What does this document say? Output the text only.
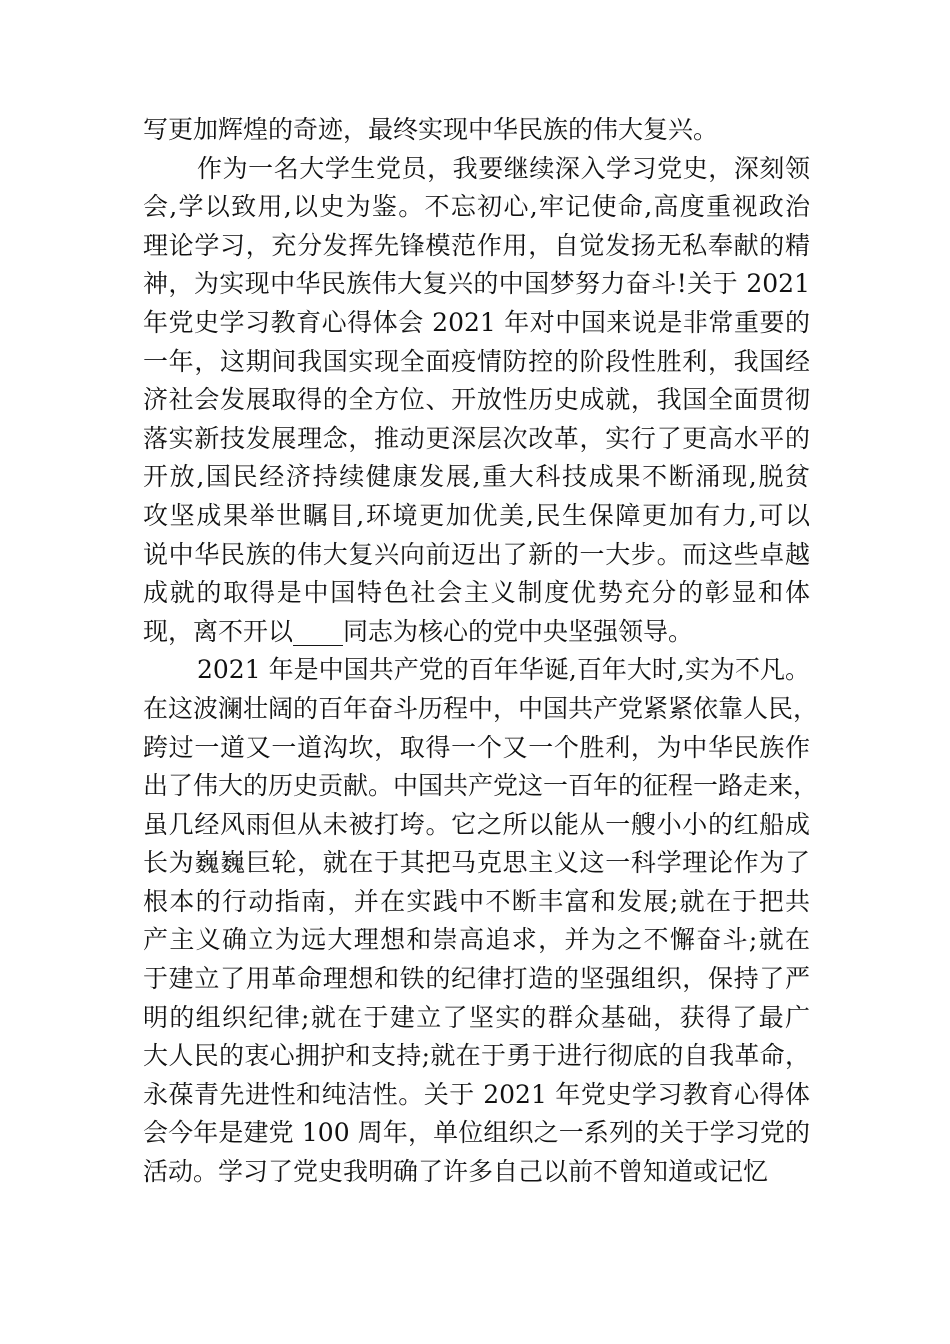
写更加辉煌的奇迹，最终实现中华民族的伟大复兴。
作为一名大学生党员，我要继续深入学习党史，深刻领
会,学以致用,以史为鉴。不忘初心,牢记使命,高度重视政治
理论学习，充分发挥先锋模范作用，自觉发扬无私奉献的精
神，为实现中华民族伟大复兴的中国梦努力奋斗!关于 2021
年党史学习教育心得体会 2021 年对中国来说是非常重要的
一年，这期间我国实现全面疫情防控的阶段性胜利，我国经
济社会发展取得的全方位、开放性历史成就，我国全面贯彻
落实新技发展理念，推动更深层次改革，实行了更高水平的
开放,国民经济持续健康发展,重大科技成果不断涌现,脱贫
攻坚成果举世瞩目,环境更加优美,民生保障更加有力,可以
说中华民族的伟大复兴向前迈出了新的一大步。而这些卓越
成就的取得是中国特色社会主义制度优势充分的彰显和体
现，离不开以____同志为核心的党中央坚强领导。
2021 年是中国共产党的百年华诞,百年大时,实为不凡。
在这波澜壮阔的百年奋斗历程中，中国共产党紧紧依靠人民，
跨过一道又一道沟坎，取得一个又一个胜利，为中华民族作
出了伟大的历史贡献。中国共产党这一百年的征程一路走来，
虽几经风雨但从未被打垮。它之所以能从一艘小小的红船成
长为巍巍巨轮，就在于其把马克思主义这一科学理论作为了
根本的行动指南，并在实践中不断丰富和发展;就在于把共
产主义确立为远大理想和崇高追求，并为之不懈奋斗;就在
于建立了用革命理想和铁的纪律打造的坚强组织，保持了严
明的组织纪律;就在于建立了坚实的群众基础，获得了最广
大人民的衷心拥护和支持;就在于勇于进行彻底的自我革命，
永葆青先进性和纯洁性。关于 2021 年党史学习教育心得体
会今年是建党 100 周年，单位组织之一系列的关于学习党的
活动。学习了党史我明确了许多自己以前不曾知道或记忆
